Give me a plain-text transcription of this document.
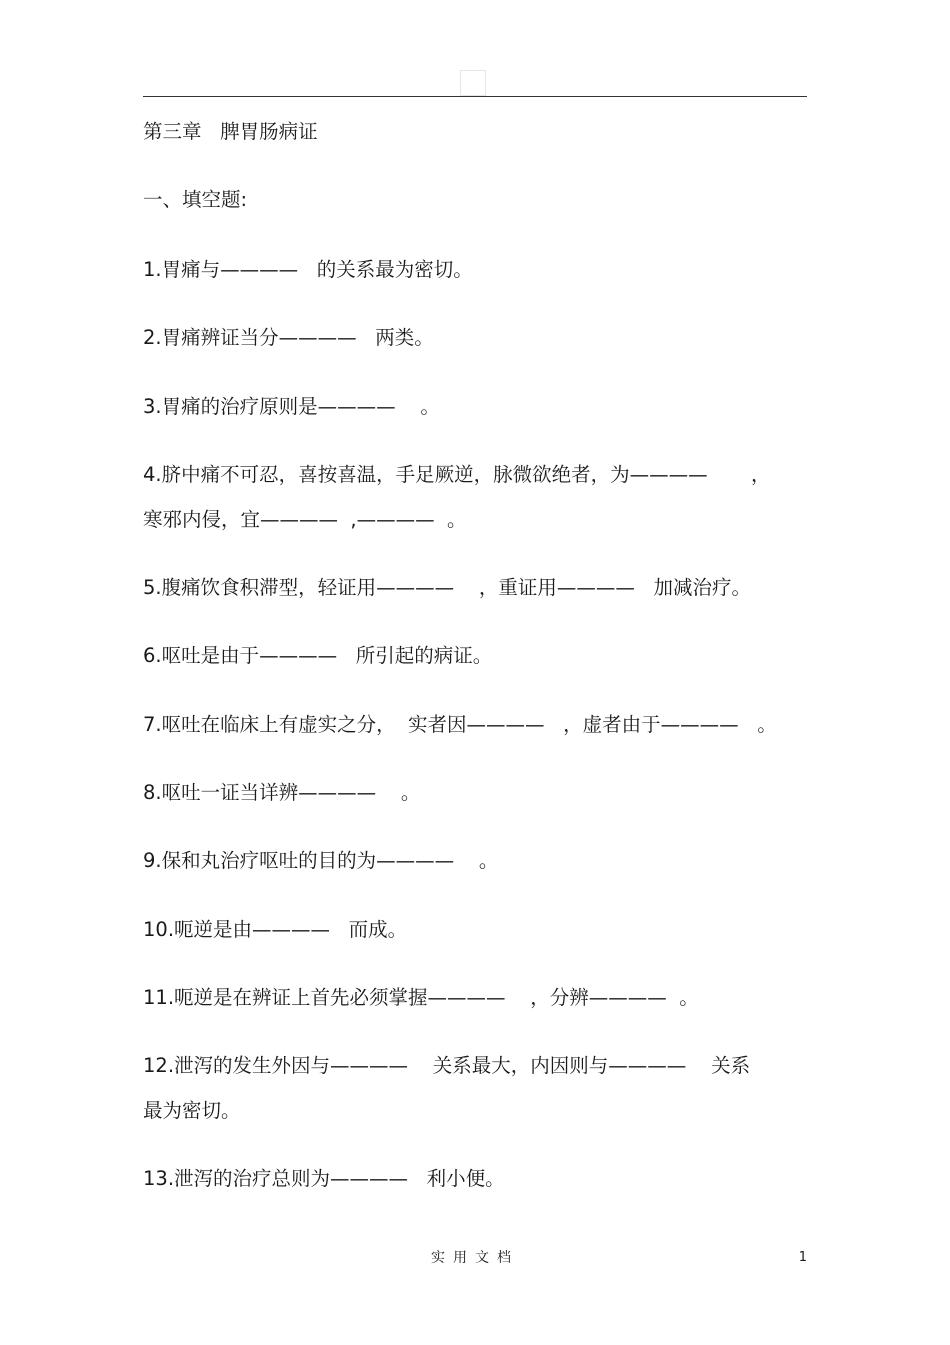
第三章   脾胃肠病证
一、填空题:
1.胃痛与————   的关系最为密切。
2.胃痛辨证当分————   两类。
3.胃痛的治疗原则是————    。
4.脐中痛不可忍，喜按喜温，手足厥逆，脉微欲绝者，为————       ，
寒邪内侵，宜————  ,————  。
5.腹痛饮食积滞型，轻证用————    ，重证用————   加减治疗。
6.呕吐是由于————   所引起的病证。
7.呕吐在临床上有虚实之分，  实者因————   ，虚者由于————   。
8.呕吐一证当详辨————    。
9.保和丸治疗呕吐的目的为————    。
10.呃逆是由————   而成。
11.呃逆是在辨证上首先必须掌握————    ，分辨————  。
12.泄泻的发生外因与————    关系最大，内因则与————    关系
最为密切。
13.泄泻的治疗总则为————   利小便。
实用文档	1
